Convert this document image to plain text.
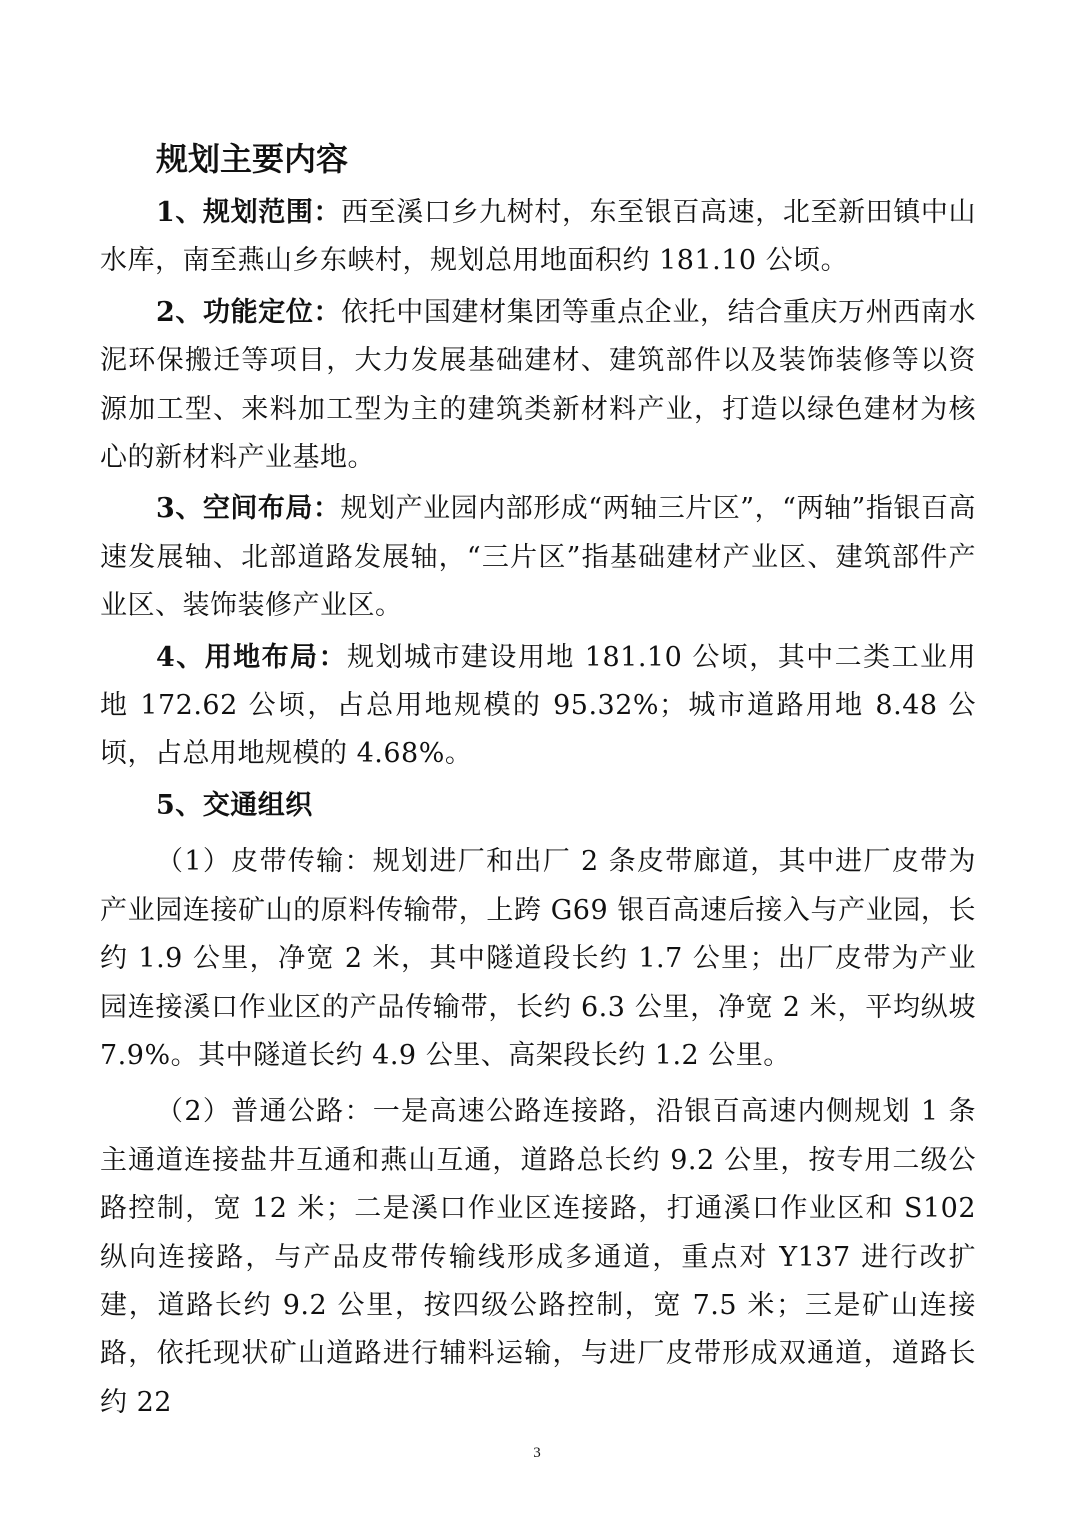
规划主要内容

1、规划范围：西至溪口乡九树村，东至银百高速，北至新田镇中山水库，南至燕山乡东峡村，规划总用地面积约 181.10 公顷。

2、功能定位：依托中国建材集团等重点企业，结合重庆万州西南水泥环保搬迁等项目，大力发展基础建材、建筑部件以及装饰装修等以资源加工型、来料加工型为主的建筑类新材料产业，打造以绿色建材为核心的新材料产业基地。

3、空间布局：规划产业园内部形成“两轴三片区”，“两轴”指银百高速发展轴、北部道路发展轴，“三片区”指基础建材产业区、建筑部件产业区、装饰装修产业区。

4、用地布局：规划城市建设用地 181.10 公顷，其中二类工业用地 172.62 公顷，占总用地规模的 95.32%；城市道路用地 8.48 公顷，占总用地规模的 4.68%。

5、交通组织

（1）皮带传输：规划进厂和出厂 2 条皮带廊道，其中进厂皮带为产业园连接矿山的原料传输带，上跨 G69 银百高速后接入与产业园，长约 1.9 公里，净宽 2 米，其中隧道段长约 1.7 公里；出厂皮带为产业园连接溪口作业区的产品传输带，长约 6.3 公里，净宽 2 米，平均纵坡 7.9%。其中隧道长约 4.9 公里、高架段长约 1.2 公里。

（2）普通公路：一是高速公路连接路，沿银百高速内侧规划 1 条主通道连接盐井互通和燕山互通，道路总长约 9.2 公里，按专用二级公路控制，宽 12 米；二是溪口作业区连接路，打通溪口作业区和 S102 纵向连接路，与产品皮带传输线形成多通道，重点对 Y137 进行改扩建，道路长约 9.2 公里，按四级公路控制，宽 7.5 米；三是矿山连接路，依托现状矿山道路进行辅料运输，与进厂皮带形成双通道，道路长约 22

3
